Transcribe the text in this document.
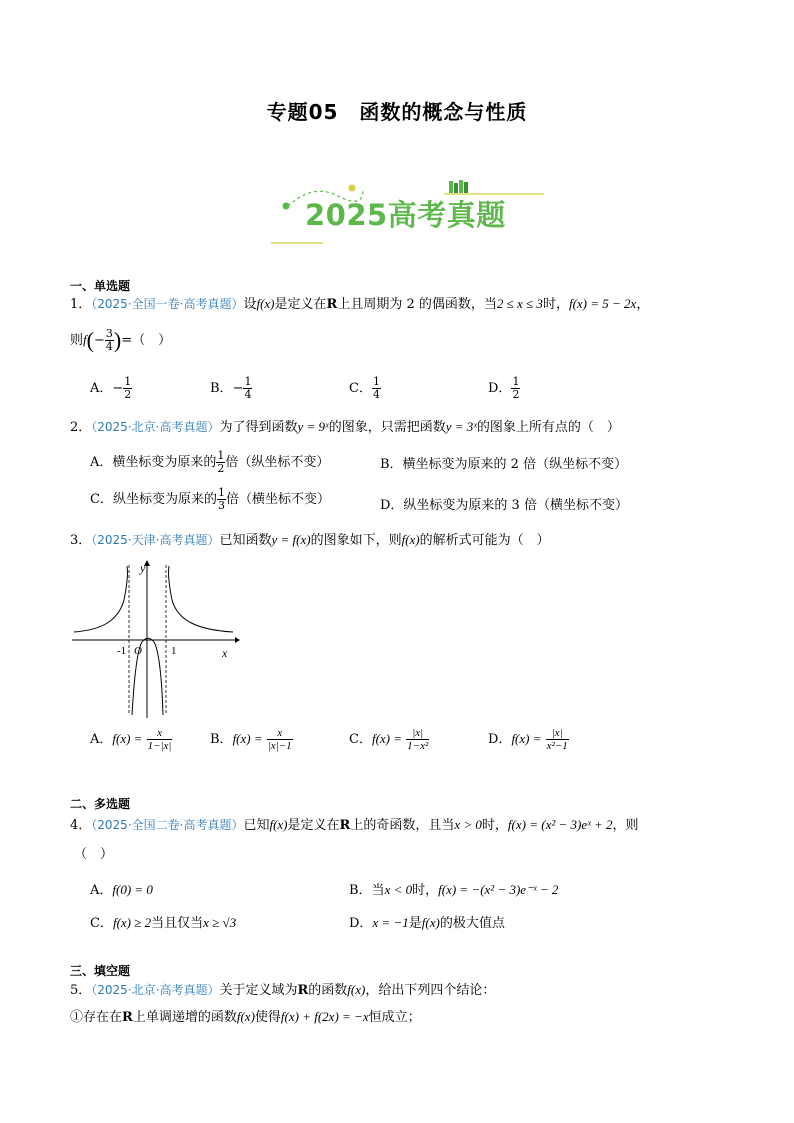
专题05　函数的概念与性质
2025高考真题
一、单选题
1．（2025·全国一卷·高考真题）设f(x)是定义在R上且周期为 2 的偶函数，当2 ≤ x ≤ 3时，f(x) = 5 − 2x，
则$f(- \frac{3}{4}$ )=（　）
A．− $\frac{1}{2}$	B．− $\frac{1}{4}$	C． $\frac{1}{4}$	D． $\frac{1}{2}$
2．（2025·北京·高考真题）为了得到函数y = 9ˣ的图象，只需把函数y = 3ˣ的图象上所有点的（　）
A．横坐标变为原来的 $\frac{1}{2}$ 倍（纵坐标不变）	B．横坐标变为原来的 2 倍（纵坐标不变）
C．纵坐标变为原来的 $\frac{1}{3}$ 倍（横坐标不变）	D．纵坐标变为原来的 3 倍（横坐标不变）
3．（2025·天津·高考真题）已知函数y = f(x)的图象如下，则f(x)的解析式可能为（　）
y
x
-1 O	1
A．$f(x) = \frac{x}{1-|x|}$	B．$f(x) = \frac{x}{|x|-1}$	C．$f(x) = \frac{|x|}{\text{1−x²}}$	D．$f(x) = \frac{|x|}{\text{x²−1}}$
二、多选题
4．（2025·全国二卷·高考真题）已知f(x)是定义在R上的奇函数，且当x > 0时，f(x) = (x² − 3)eˣ + 2，则
（　）
A．f(0) = 0	B．当x < 0时，f(x) = −(x² − 3)e⁻ˣ − 2
C．f(x) ≥ 2当且仅当x ≥ √3	D．x = −1是f(x)的极大值点
三、填空题
5．（2025·北京·高考真题）关于定义域为R的函数f(x)，给出下列四个结论：
①存在在R上单调递增的函数f(x)使得f(x) + f(2x) = −x恒成立；
